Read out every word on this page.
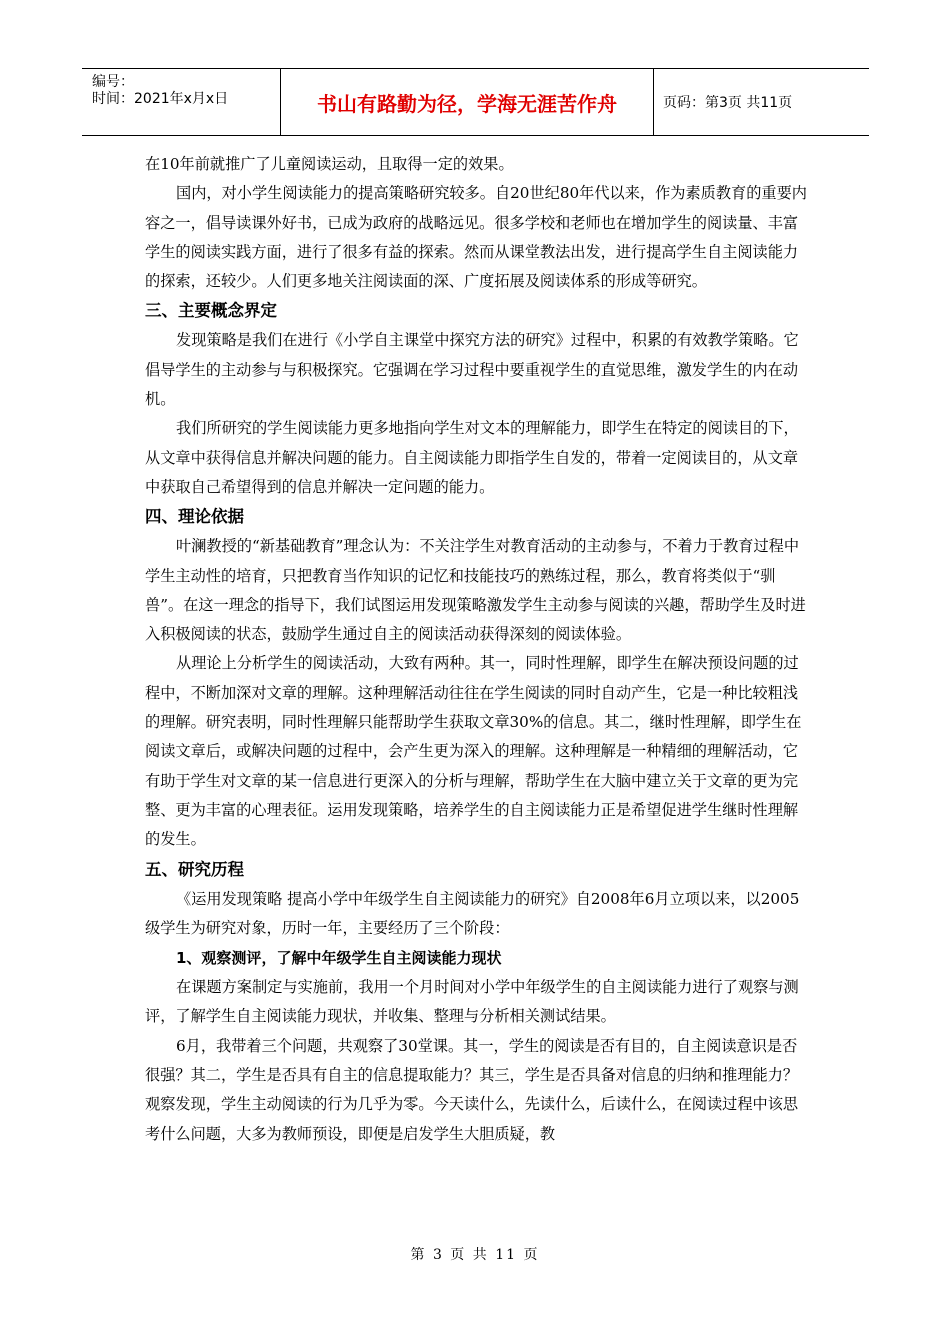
编号：
时间：2021年x月x日	书山有路勤为径，学海无涯苦作舟	页码：第3页 共11页

在10年前就推广了儿童阅读运动，且取得一定的效果。

国内，对小学生阅读能力的提高策略研究较多。自20世纪80年代以来，作为素质教育的重要内容之一，倡导读课外好书，已成为政府的战略远见。很多学校和老师也在增加学生的阅读量、丰富学生的阅读实践方面，进行了很多有益的探索。然而从课堂教法出发，进行提高学生自主阅读能力的探索，还较少。人们更多地关注阅读面的深、广度拓展及阅读体系的形成等研究。

三、主要概念界定

发现策略是我们在进行《小学自主课堂中探究方法的研究》过程中，积累的有效教学策略。它倡导学生的主动参与与积极探究。它强调在学习过程中要重视学生的直觉思维，激发学生的内在动机。

我们所研究的学生阅读能力更多地指向学生对文本的理解能力，即学生在特定的阅读目的下，从文章中获得信息并解决问题的能力。自主阅读能力即指学生自发的，带着一定阅读目的，从文章中获取自己希望得到的信息并解决一定问题的能力。

四、理论依据

叶澜教授的“新基础教育”理念认为：不关注学生对教育活动的主动参与，不着力于教育过程中学生主动性的培育，只把教育当作知识的记忆和技能技巧的熟练过程，那么，教育将类似于“驯兽”。在这一理念的指导下，我们试图运用发现策略激发学生主动参与阅读的兴趣，帮助学生及时进入积极阅读的状态，鼓励学生通过自主的阅读活动获得深刻的阅读体验。

从理论上分析学生的阅读活动，大致有两种。其一，同时性理解，即学生在解决预设问题的过程中，不断加深对文章的理解。这种理解活动往往在学生阅读的同时自动产生，它是一种比较粗浅的理解。研究表明，同时性理解只能帮助学生获取文章30%的信息。其二，继时性理解，即学生在阅读文章后，或解决问题的过程中，会产生更为深入的理解。这种理解是一种精细的理解活动，它有助于学生对文章的某一信息进行更深入的分析与理解，帮助学生在大脑中建立关于文章的更为完整、更为丰富的心理表征。运用发现策略，培养学生的自主阅读能力正是希望促进学生继时性理解的发生。

五、研究历程

《运用发现策略 提高小学中年级学生自主阅读能力的研究》自2008年6月立项以来，以2005级学生为研究对象，历时一年，主要经历了三个阶段：

1、观察测评，了解中年级学生自主阅读能力现状

在课题方案制定与实施前，我用一个月时间对小学中年级学生的自主阅读能力进行了观察与测评，了解学生自主阅读能力现状，并收集、整理与分析相关测试结果。

6月，我带着三个问题，共观察了30堂课。其一，学生的阅读是否有目的，自主阅读意识是否很强？其二，学生是否具有自主的信息提取能力？其三，学生是否具备对信息的归纳和推理能力？观察发现，学生主动阅读的行为几乎为零。今天读什么，先读什么，后读什么，在阅读过程中该思考什么问题，大多为教师预设，即便是启发学生大胆质疑，教

第 3 页 共 11 页
